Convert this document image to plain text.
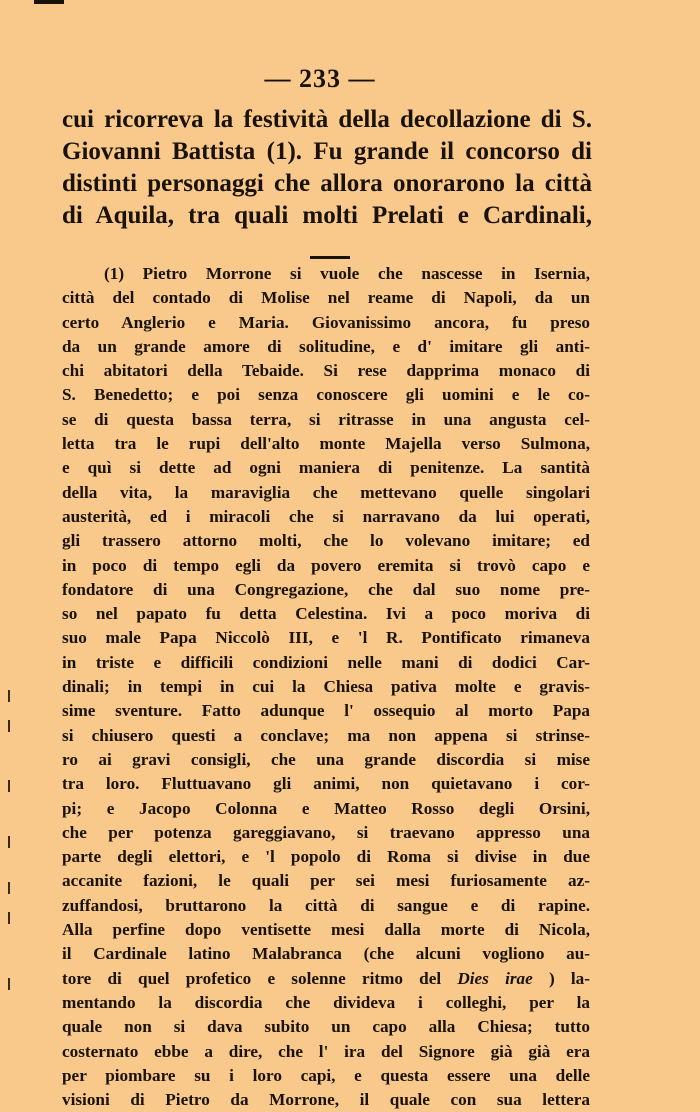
— 233 —
cui ricorreva la festività della decollazione di S.
Giovanni Battista (1). Fu grande il concorso di
distinti personaggi che allora onorarono la città
di Aquila, tra quali molti Prelati e Cardinali,
(1) Pietro Morrone si vuole che nascesse in Isernia,
città del contado di Molise nel reame di Napoli, da un
certo Anglerio e Maria. Giovanissimo ancora, fu preso
da un grande amore di solitudine, e d' imitare gli anti-
chi abitatori della Tebaide. Si rese dapprima monaco di
S. Benedetto; e poi senza conoscere gli uomini e le co-
se di questa bassa terra, si ritrasse in una angusta cel-
letta tra le rupi dell'alto monte Majella verso Sulmona,
e quì si dette ad ogni maniera di penitenze. La santità
della vita, la maraviglia che mettevano quelle singolari
austerità, ed i miracoli che si narravano da lui operati,
gli trassero attorno molti, che lo volevano imitare; ed
in poco di tempo egli da povero eremita si trovò capo e
fondatore di una Congregazione, che dal suo nome pre-
so nel papato fu detta Celestina. Ivi a poco moriva di
suo male Papa Niccolò III, e 'l R. Pontificato rimaneva
in triste e difficili condizioni nelle mani di dodici Car-
dinali; in tempi in cui la Chiesa pativa molte e gravis-
sime sventure. Fatto adunque l' ossequio al morto Papa
si chiusero questi a conclave; ma non appena si strinse-
ro ai gravi consigli, che una grande discordia si mise
tra loro. Fluttuavano gli animi, non quietavano i cor-
pi; e Jacopo Colonna e Matteo Rosso degli Orsini,
che per potenza gareggiavano, si traevano appresso una
parte degli elettori, e 'l popolo di Roma si divise in due
accanite fazioni, le quali per sei mesi furiosamente az-
zuffandosi, bruttarono la città di sangue e di rapine.
Alla perfine dopo ventisette mesi dalla morte di Nicola,
il Cardinale latino Malabranca (che alcuni vogliono au-
tore di quel profetico e solenne ritmo del Dies irae ) la-
mentando la discordia che divideva i colleghi, per la
quale non si dava subito un capo alla Chiesa; tutto
costernato ebbe a dire, che l' ira del Signore già già era
per piombare su i loro capi, e questa essere una delle
visioni di Pietro da Morrone, il quale con sua lettera
